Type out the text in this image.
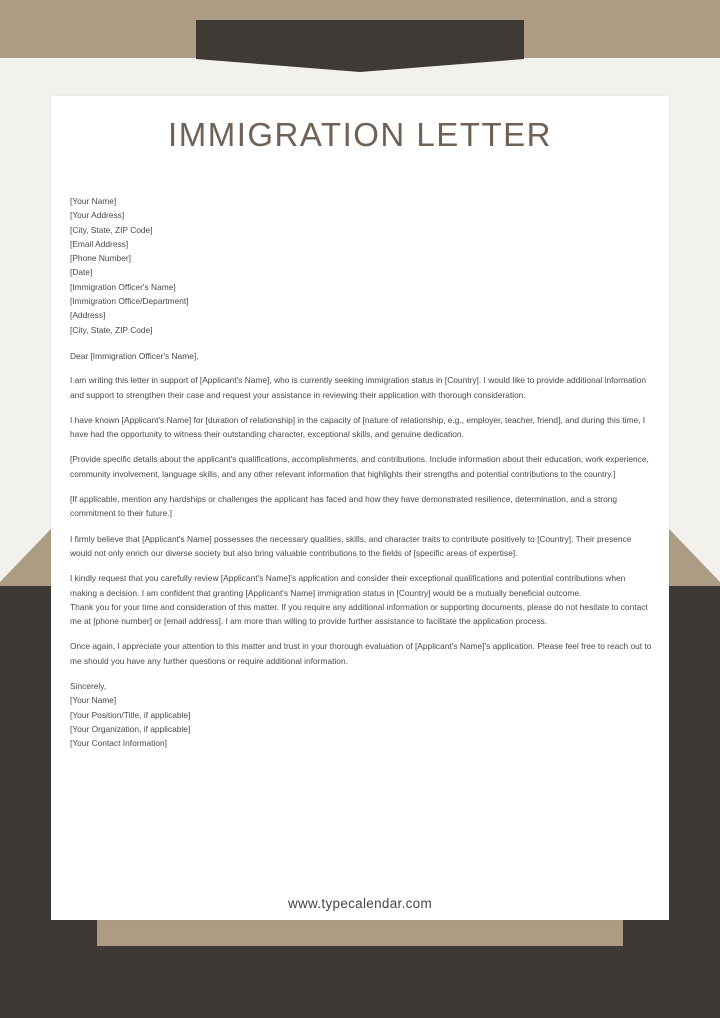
IMMIGRATION LETTER

[Your Name]

[Your Address]

[City, State, ZIP Code]

[Email Address]

[Phone Number]

[Date]

[Immigration Officer's Name]

[Immigration Office/Department]

[Address]

[City, State, ZIP Code]

Dear [Immigration Officer's Name],

I am writing this letter in support of [Applicant's Name], who is currently seeking immigration status in [Country]. I would like to provide additional information and support to strengthen their case and request your assistance in reviewing their application with thorough consideration.

I have known [Applicant's Name] for [duration of relationship] in the capacity of [nature of relationship, e.g., employer, teacher, friend], and during this time, I have had the opportunity to witness their outstanding character, exceptional skills, and genuine dedication.

[Provide specific details about the applicant's qualifications, accomplishments, and contributions. Include information about their education, work experience, community involvement, language skills, and any other relevant information that highlights their strengths and potential contributions to the country.]

[If applicable, mention any hardships or challenges the applicant has faced and how they have demonstrated resilience, determination, and a strong commitment to their future.]

I firmly believe that [Applicant's Name] possesses the necessary qualities, skills, and character traits to contribute positively to [Country]. Their presence would not only enrich our diverse society but also bring valuable contributions to the fields of [specific areas of expertise].

I kindly request that you carefully review [Applicant's Name]'s application and consider their exceptional qualifications and potential contributions when making a decision. I am confident that granting [Applicant's Name] immigration status in [Country] would be a mutually beneficial outcome.

Thank you for your time and consideration of this matter. If you require any additional information or supporting documents, please do not hesitate to contact me at [phone number] or [email address]. I am more than willing to provide further assistance to facilitate the application process.

Once again, I appreciate your attention to this matter and trust in your thorough evaluation of [Applicant's Name]'s application. Please feel free to reach out to me should you have any further questions or require additional information.

Sincerely,

[Your Name]

[Your Position/Title, if applicable]

[Your Organization, if applicable]

[Your Contact Information]

www.typecalendar.com
